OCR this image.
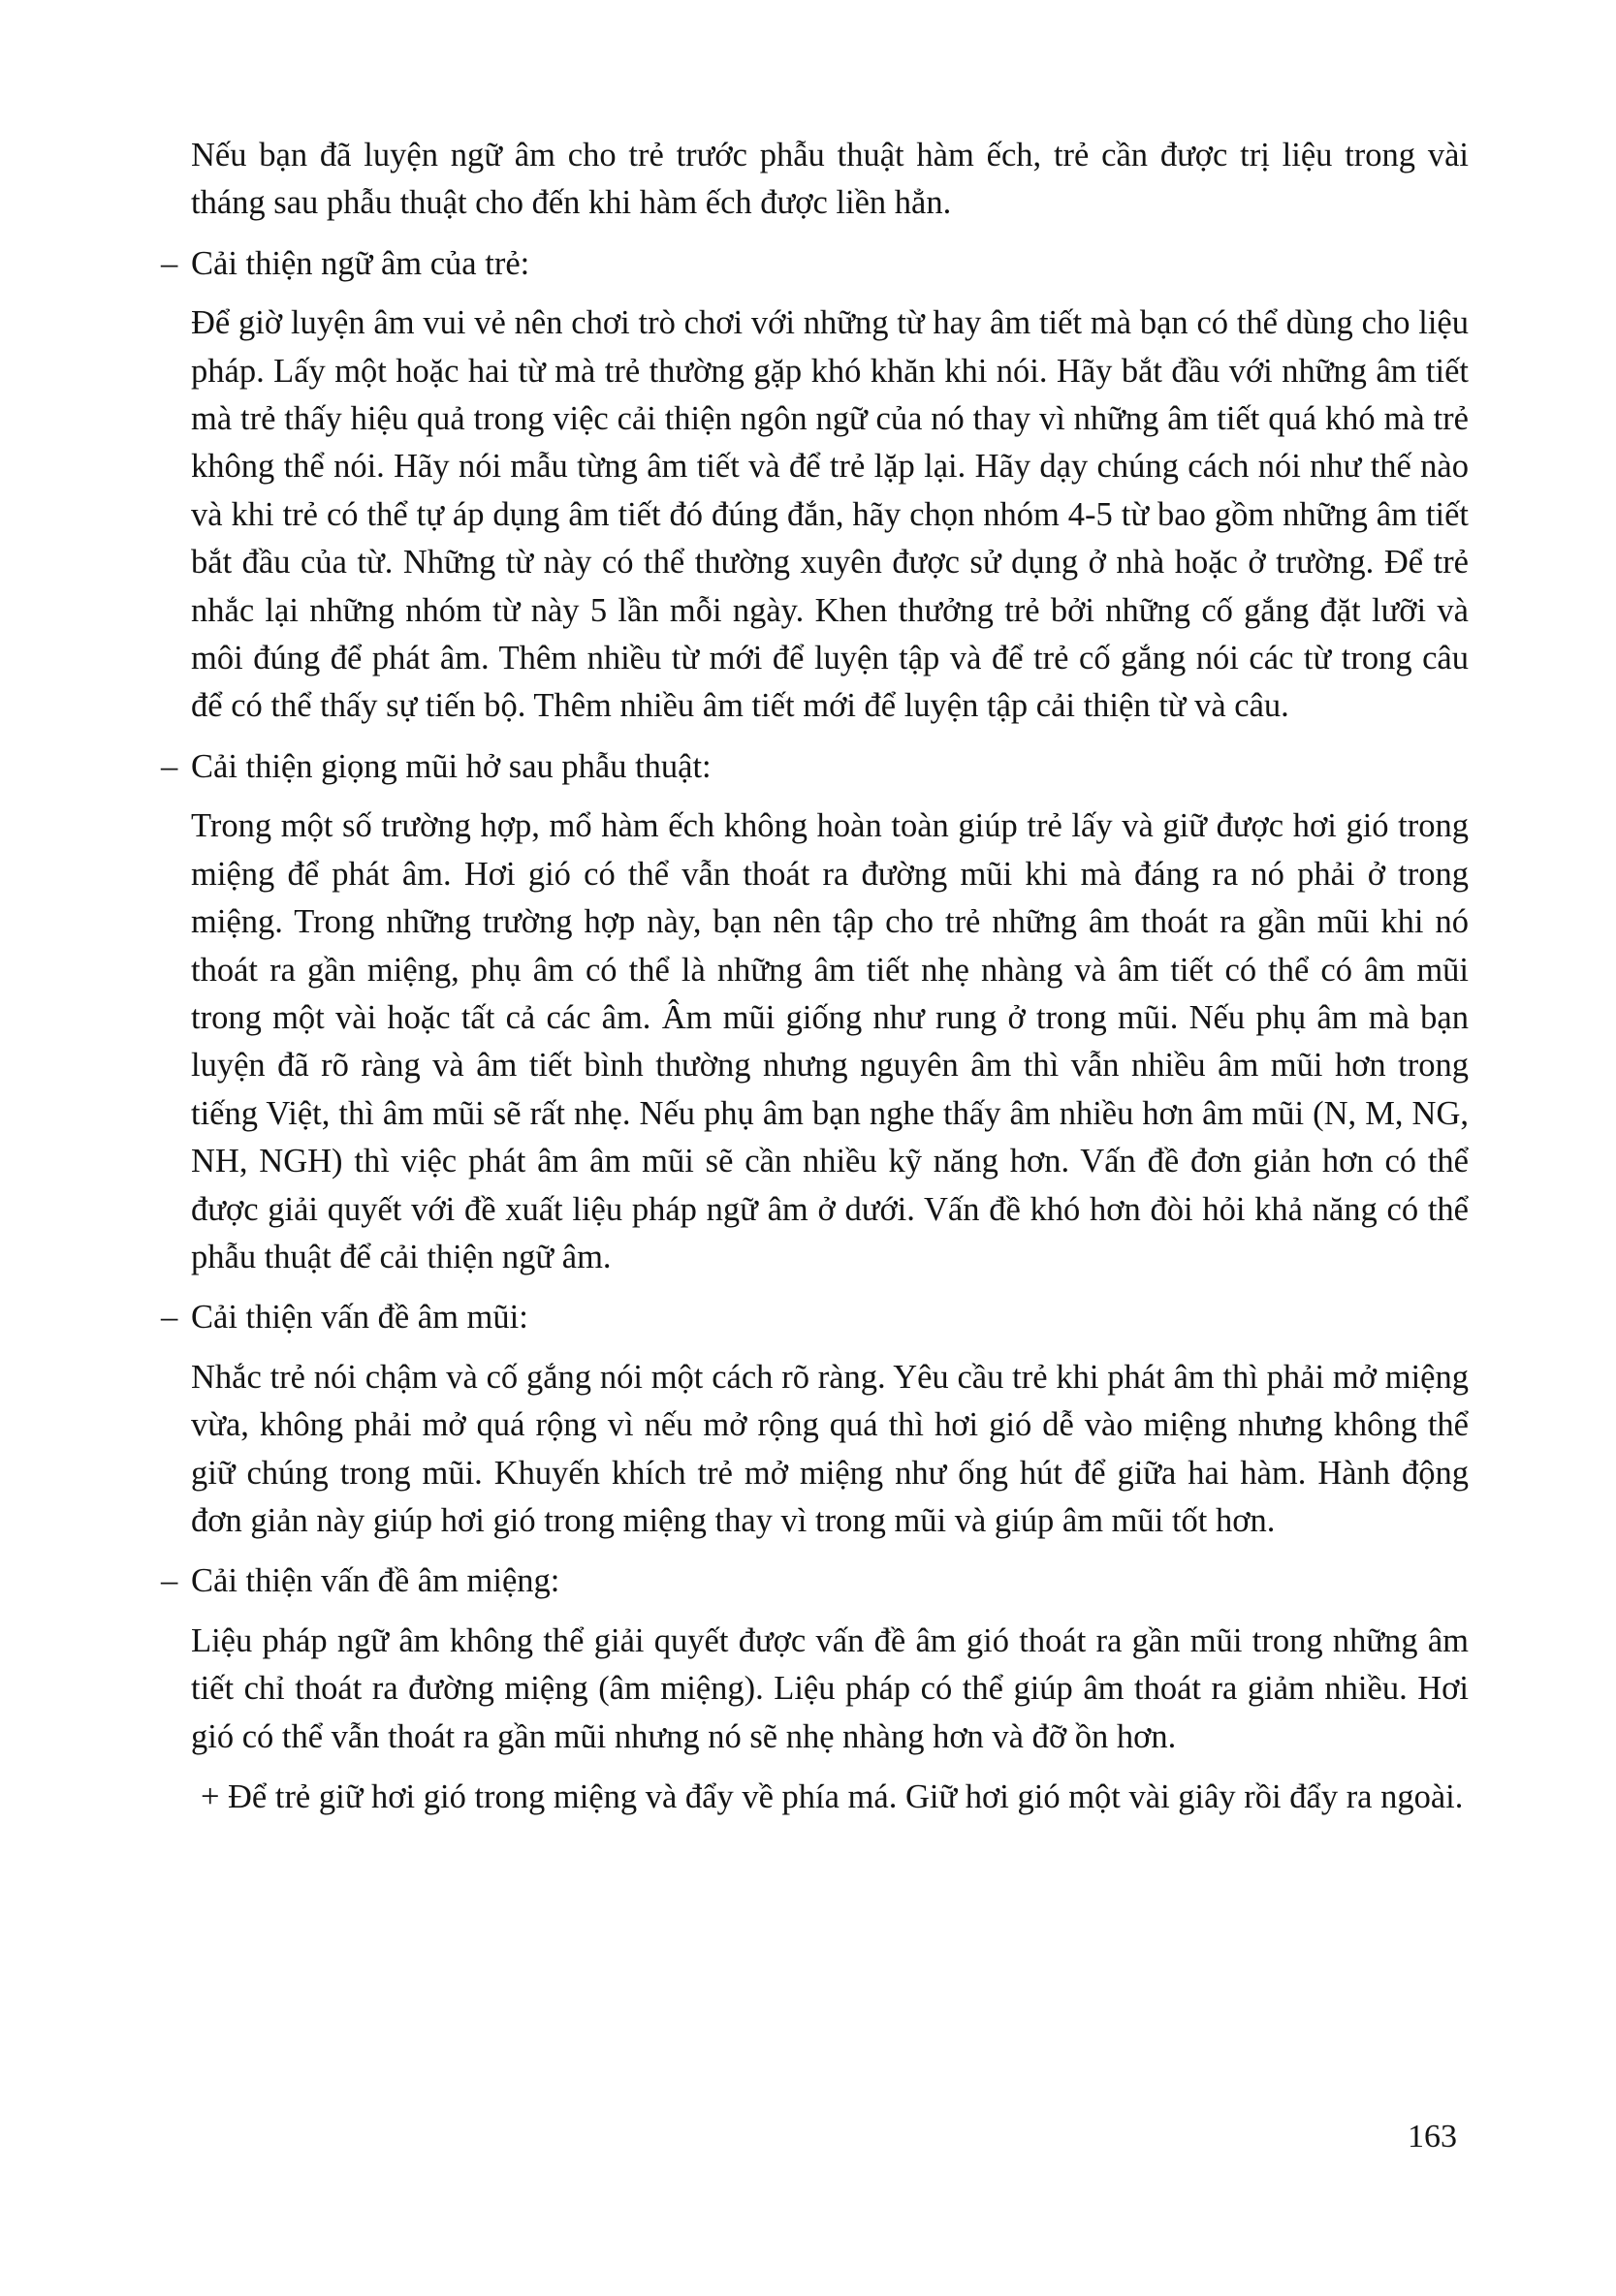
Nếu bạn đã luyện ngữ âm cho trẻ trước phẫu thuật hàm ếch, trẻ cần được trị liệu trong vài tháng sau phẫu thuật cho đến khi hàm ếch được liền hẳn.

– Cải thiện ngữ âm của trẻ:

Để giờ luyện âm vui vẻ nên chơi trò chơi với những từ hay âm tiết mà bạn có thể dùng cho liệu pháp. Lấy một hoặc hai từ mà trẻ thường gặp khó khăn khi nói. Hãy bắt đầu với những âm tiết mà trẻ thấy hiệu quả trong việc cải thiện ngôn ngữ của nó thay vì những âm tiết quá khó mà trẻ không thể nói. Hãy nói mẫu từng âm tiết và để trẻ lặp lại. Hãy dạy chúng cách nói như thế nào và khi trẻ có thể tự áp dụng âm tiết đó đúng đắn, hãy chọn nhóm 4-5 từ bao gồm những âm tiết bắt đầu của từ. Những từ này có thể thường xuyên được sử dụng ở nhà hoặc ở trường. Để trẻ nhắc lại những nhóm từ này 5 lần mỗi ngày. Khen thưởng trẻ bởi những cố gắng đặt lưỡi và môi đúng để phát âm. Thêm nhiều từ mới để luyện tập và để trẻ cố gắng nói các từ trong câu để có thể thấy sự tiến bộ. Thêm nhiều âm tiết mới để luyện tập cải thiện từ và câu.

– Cải thiện giọng mũi hở sau phẫu thuật:

Trong một số trường hợp, mổ hàm ếch không hoàn toàn giúp trẻ lấy và giữ được hơi gió trong miệng để phát âm. Hơi gió có thể vẫn thoát ra đường mũi khi mà đáng ra nó phải ở trong miệng. Trong những trường hợp này, bạn nên tập cho trẻ những âm thoát ra gần mũi khi nó thoát ra gần miệng, phụ âm có thể là những âm tiết nhẹ nhàng và âm tiết có thể có âm mũi trong một vài hoặc tất cả các âm. Âm mũi giống như rung ở trong mũi. Nếu phụ âm mà bạn luyện đã rõ ràng và âm tiết bình thường nhưng nguyên âm thì vẫn nhiều âm mũi hơn trong tiếng Việt, thì âm mũi sẽ rất nhẹ. Nếu phụ âm bạn nghe thấy âm nhiều hơn âm mũi (N, M, NG, NH, NGH) thì việc phát âm âm mũi sẽ cần nhiều kỹ năng hơn. Vấn đề đơn giản hơn có thể được giải quyết với đề xuất liệu pháp ngữ âm ở dưới. Vấn đề khó hơn đòi hỏi khả năng có thể phẫu thuật để cải thiện ngữ âm.

– Cải thiện vấn đề âm mũi:

Nhắc trẻ nói chậm và cố gắng nói một cách rõ ràng. Yêu cầu trẻ khi phát âm thì phải mở miệng vừa, không phải mở quá rộng vì nếu mở rộng quá thì hơi gió dễ vào miệng nhưng không thể giữ chúng trong mũi. Khuyến khích trẻ mở miệng như ống hút để giữa hai hàm. Hành động đơn giản này giúp hơi gió trong miệng thay vì trong mũi và giúp âm mũi tốt hơn.

– Cải thiện vấn đề âm miệng:

Liệu pháp ngữ âm không thể giải quyết được vấn đề âm gió thoát ra gần mũi trong những âm tiết chỉ thoát ra đường miệng (âm miệng). Liệu pháp có thể giúp âm thoát ra giảm nhiều. Hơi gió có thể vẫn thoát ra gần mũi nhưng nó sẽ nhẹ nhàng hơn và đỡ ồn hơn.

+ Để trẻ giữ hơi gió trong miệng và đẩy về phía má. Giữ hơi gió một vài giây rồi đẩy ra ngoài.

163
